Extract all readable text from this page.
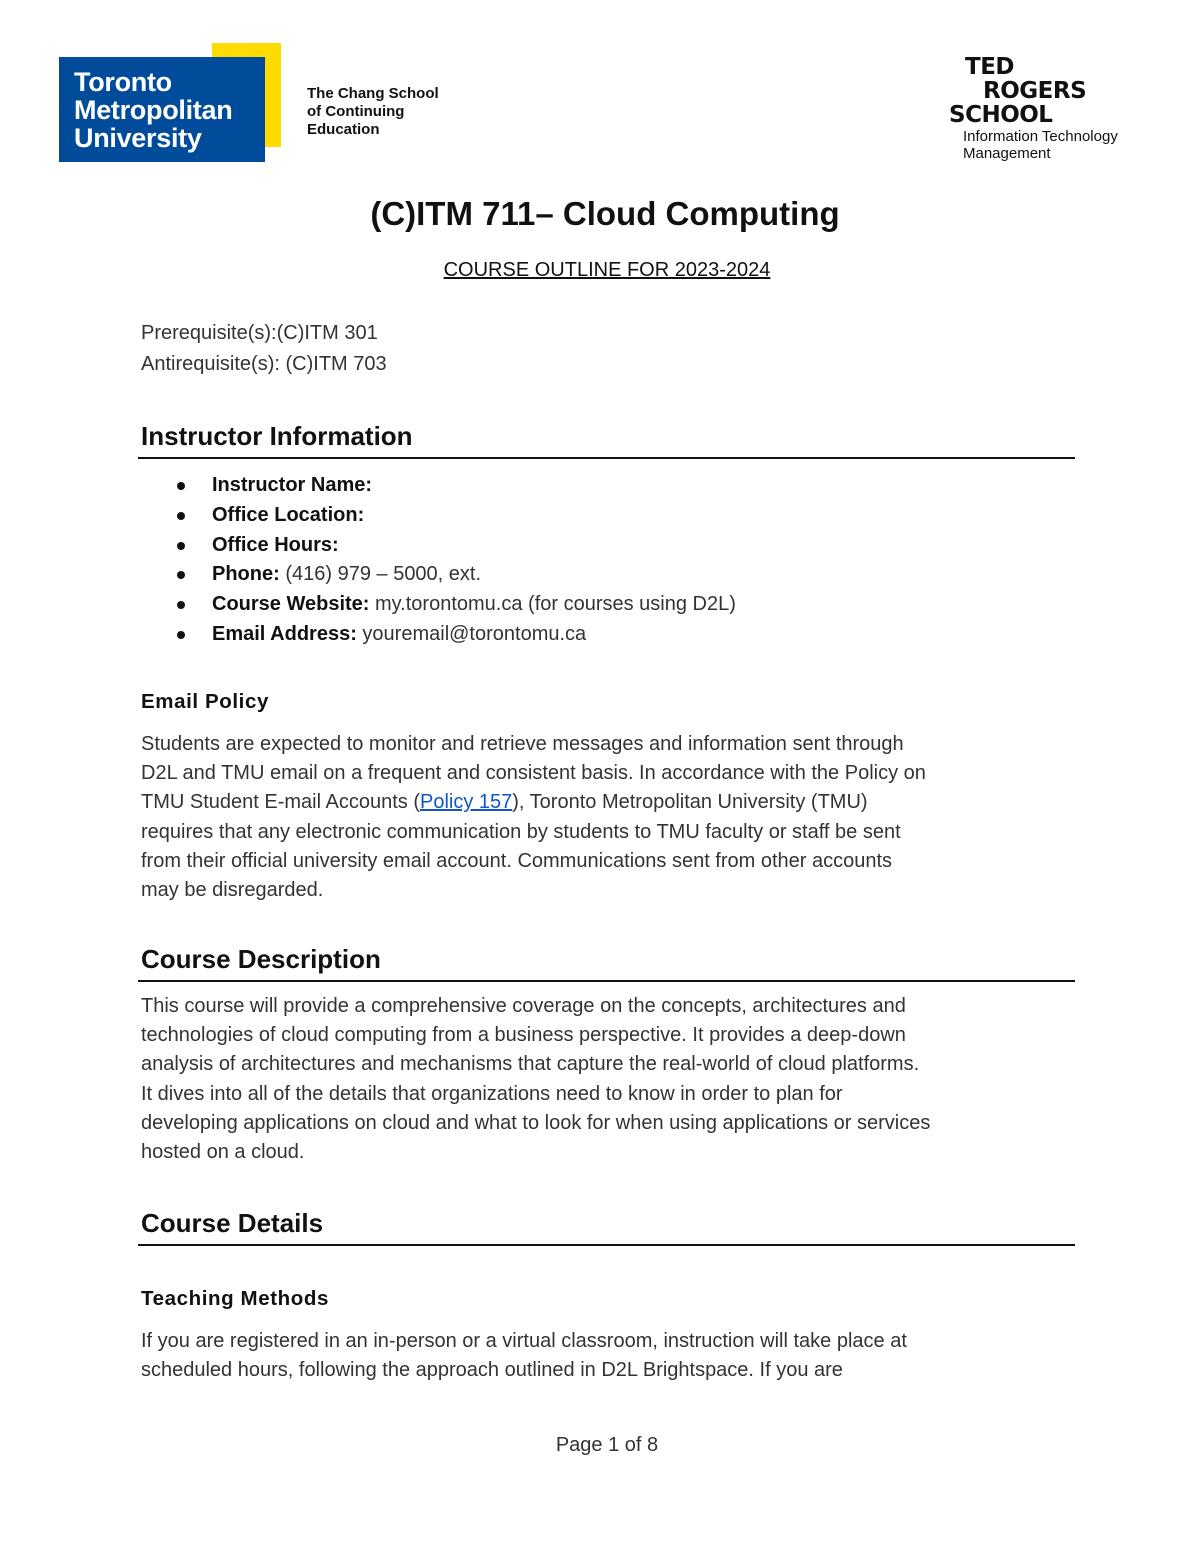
Toronto
Metropolitan
University
The Chang School
of Continuing
Education
TED
ROGERS
SCHOOL
Information Technology
Management
(C)ITM 711– Cloud Computing
COURSE OUTLINE FOR 2023-2024
Prerequisite(s):(C)ITM 301
Antirequisite(s): (C)ITM 703
Instructor Information
Instructor Name:
Office Location:
Office Hours:
Phone: (416) 979 – 5000, ext.
Course Website: my.torontomu.ca (for courses using D2L)
Email Address: youremail@torontomu.ca
Email Policy
Students are expected to monitor and retrieve messages and information sent through
D2L and TMU email on a frequent and consistent basis. In accordance with the Policy on
TMU Student E-mail Accounts (Policy 157), Toronto Metropolitan University (TMU)
requires that any electronic communication by students to TMU faculty or staff be sent
from their official university email account. Communications sent from other accounts
may be disregarded.
Course Description
This course will provide a comprehensive coverage on the concepts, architectures and
technologies of cloud computing from a business perspective. It provides a deep-down
analysis of architectures and mechanisms that capture the real-world of cloud platforms.
It dives into all of the details that organizations need to know in order to plan for
developing applications on cloud and what to look for when using applications or services
hosted on a cloud.
Course Details
Teaching Methods
If you are registered in an in-person or a virtual classroom, instruction will take place at
scheduled hours, following the approach outlined in D2L Brightspace. If you are
Page 1 of 8
